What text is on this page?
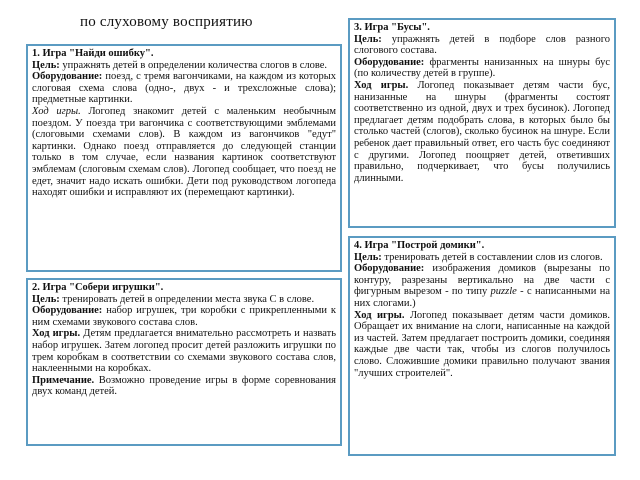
по слуховому восприятию

1. Игра "Найди ошибку".

Цель: упражнять детей в определении количества слогов в слове.

Оборудование: поезд, с тремя вагончиками, на каждом из которых слоговая схема слова (одно-, двух - и трехсложные слова); предметные картинки.

Ход игры. Логопед знакомит детей с маленьким необычным поездом. У поезда три вагончика с соответствующими эмблемами (слоговыми схемами слов). В каждом из вагончиков "едут" картинки. Однако поезд отправляется до следующей станции только в том случае, если названия картинок соответствуют эмблемам (слоговым схемам слов). Логопед сообщает, что поезд не едет, значит надо искать ошибки. Дети под руководством логопеда находят ошибки и исправляют их (перемещают картинки).

2. Игра "Собери игрушки".

Цель: тренировать детей в определении места звука С в слове.

Оборудование: набор игрушек, три коробки с прикрепленными к ним схемами звукового состава слов.

Ход игры. Детям предлагается внимательно рассмотреть и назвать набор игрушек. Затем логопед просит детей разложить игрушки по трем коробкам в соответствии со схемами звукового состава слов, наклеенными на коробках.

Примечание. Возможно проведение игры в форме соревнования двух команд детей.

3. Игра "Бусы".

Цель: упражнять детей в подборе слов разного слогового состава.

Оборудование: фрагменты нанизанных на шнуры бус (по количеству детей в группе).

Ход игры. Логопед показывает детям части бус, нанизанные на шнуры (фрагменты состоят соответственно из одной, двух и трех бусинок). Логопед предлагает детям подобрать слова, в которых было бы столько частей (слогов), сколько бусинок на шнуре. Если ребенок дает правильный ответ, его часть бус соединяют с другими. Логопед поощряет детей, ответивших правильно, подчеркивает, что бусы получились длинными.

4. Игра "Построй домики".

Цель: тренировать детей в составлении слов из слогов.

Оборудование: изображения домиков (вырезаны по контуру, разрезаны вертикально на две части с фигурным вырезом - по типу puzzle - с написанными на них слогами.)

Ход игры. Логопед показывает детям части домиков. Обращает их внимание на слоги, написанные на каждой из частей. Затем предлагает построить домики, соединяя каждые две части так, чтобы из слогов получилось слово. Сложившие домики правильно получают звания "лучших строителей".
